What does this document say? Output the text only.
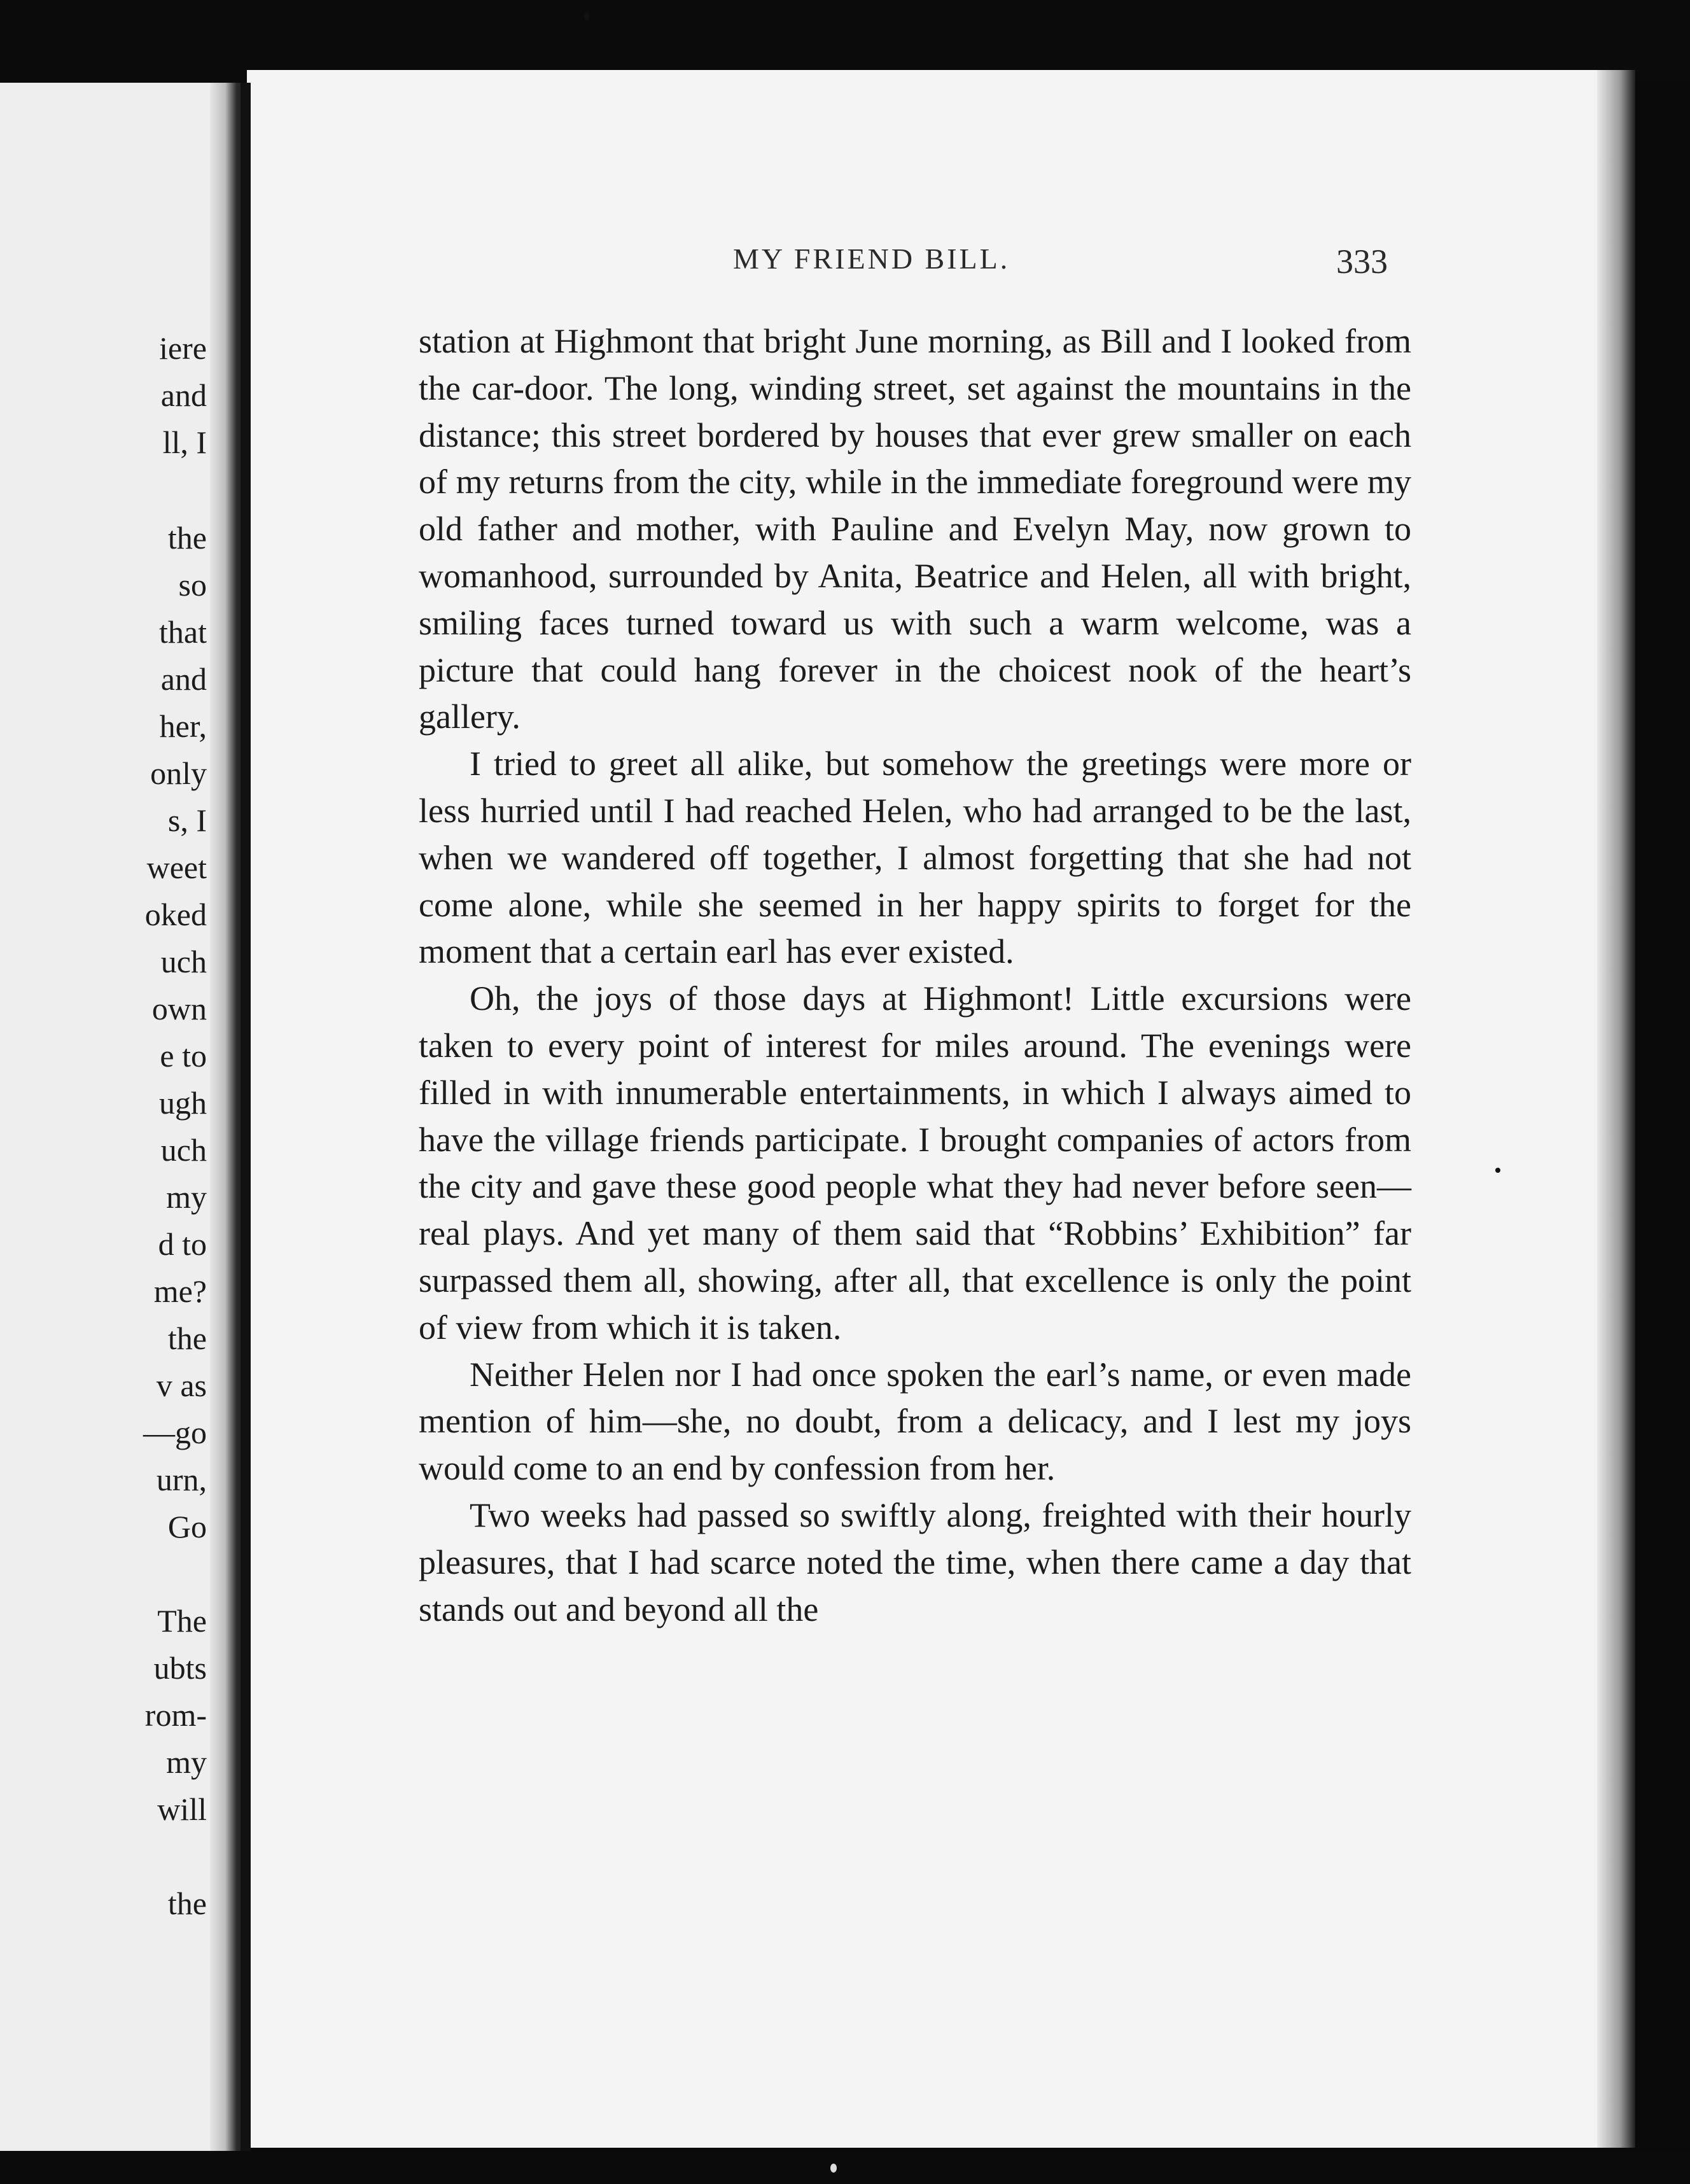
iere
and
ll, I
the
so
that
and
her,
only
s, I
weet
oked
uch
own
e to
ugh
uch
my
d to
me?
the
v as
—go
urn,
Go
The
ubts
rom-
my
will
the
MY FRIEND BILL.	333

station at Highmont that bright June morning, as Bill and I looked from the car-door. The long, winding street, set against the mountains in the distance; this street bordered by houses that ever grew smaller on each of my returns from the city, while in the immediate foreground were my old father and mother, with Pauline and Evelyn May, now grown to womanhood, surrounded by Anita, Beatrice and Helen, all with bright, smiling faces turned toward us with such a warm welcome, was a picture that could hang forever in the choicest nook of the heart’s gallery.

I tried to greet all alike, but somehow the greetings were more or less hurried until I had reached Helen, who had arranged to be the last, when we wandered off together, I almost forgetting that she had not come alone, while she seemed in her happy spirits to forget for the moment that a certain earl has ever existed.

Oh, the joys of those days at Highmont! Little excursions were taken to every point of interest for miles around. The evenings were filled in with innumerable entertainments, in which I always aimed to have the village friends participate. I brought companies of actors from the city and gave these good people what they had never before seen—real plays. And yet many of them said that “Robbins’ Exhibition” far surpassed them all, showing, after all, that excellence is only the point of view from which it is taken.

Neither Helen nor I had once spoken the earl’s name, or even made mention of him—she, no doubt, from a delicacy, and I lest my joys would come to an end by confession from her.

Two weeks had passed so swiftly along, freighted with their hourly pleasures, that I had scarce noted the time, when there came a day that stands out and beyond all the
